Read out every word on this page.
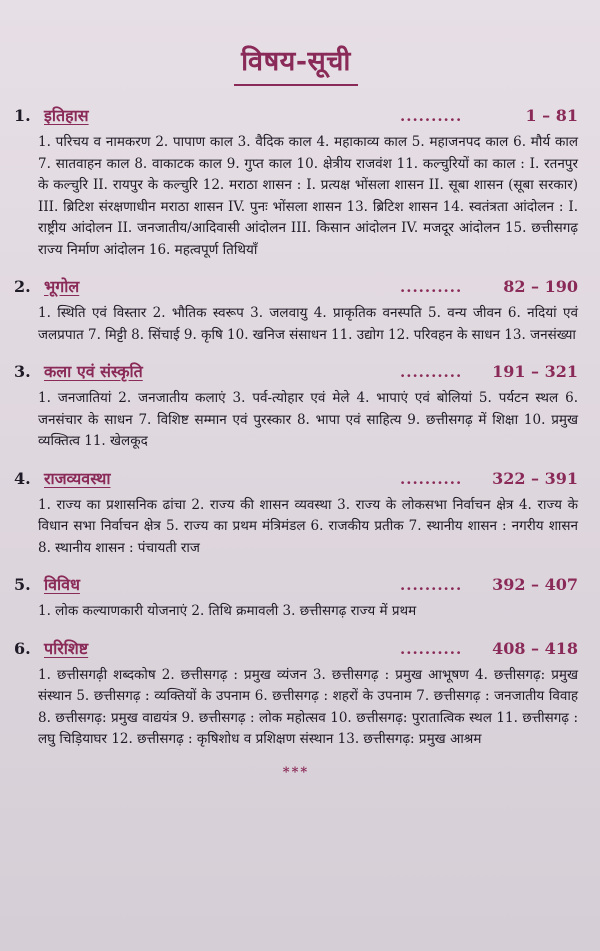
विषय-सूची
1. इतिहास	..........	1 – 81
1. परिचय व नामकरण 2. पापाण काल 3. वैदिक काल 4. महाकाव्य काल 5. महाजनपद काल 6. मौर्य काल 7. सातवाहन काल 8. वाकाटक काल 9. गुप्त काल 10. क्षेत्रीय राजवंश 11. कल्चुरियों का काल : I. रतनपुर के कल्चुरि II. रायपुर के कल्चुरि 12. मराठा शासन : I. प्रत्यक्ष भोंसला शासन II. सूबा शासन (सूबा सरकार) III. ब्रिटिश संरक्षणाधीन मराठा शासन IV. पुनः भोंसला शासन 13. ब्रिटिश शासन 14. स्वतंत्रता आंदोलन : I. राष्ट्रीय आंदोलन II. जनजातीय/आदिवासी आंदोलन III. किसान आंदोलन IV. मजदूर आंदोलन 15. छत्तीसगढ़ राज्य निर्माण आंदोलन 16. महत्वपूर्ण तिथियाँ
2. भूगोल	..........	82 – 190
1. स्थिति एवं विस्तार 2. भौतिक स्वरूप 3. जलवायु 4. प्राकृतिक वनस्पति 5. वन्य जीवन 6. नदियां एवं जलप्रपात 7. मिट्टी 8. सिंचाई 9. कृषि 10. खनिज संसाधन 11. उद्योग 12. परिवहन के साधन 13. जनसंख्या
3. कला एवं संस्कृति	..........	191 – 321
1. जनजातियां 2. जनजातीय कलाएं 3. पर्व-त्योहार एवं मेले 4. भापाएं एवं बोलियां 5. पर्यटन स्थल 6. जनसंचार के साधन 7. विशिष्ट सम्मान एवं पुरस्कार 8. भापा एवं साहित्य 9. छत्तीसगढ़ में शिक्षा 10. प्रमुख व्यक्तित्व 11. खेलकूद
4. राजव्यवस्था	..........	322 – 391
1. राज्य का प्रशासनिक ढांचा 2. राज्य की शासन व्यवस्था 3. राज्य के लोकसभा निर्वाचन क्षेत्र 4. राज्य के विधान सभा निर्वाचन क्षेत्र 5. राज्य का प्रथम मंत्रिमंडल 6. राजकीय प्रतीक 7. स्थानीय शासन : नगरीय शासन 8. स्थानीय शासन : पंचायती राज
5. विविध	..........	392 – 407
1. लोक कल्याणकारी योजनाएं 2. तिथि क्रमावली 3. छत्तीसगढ़ राज्य में प्रथम
6. परिशिष्ट	..........	408 – 418
1. छत्तीसगढ़ी शब्दकोष 2. छत्तीसगढ़ : प्रमुख व्यंजन 3. छत्तीसगढ़ : प्रमुख आभूषण 4. छत्तीसगढ़: प्रमुख संस्थान 5. छत्तीसगढ़ : व्यक्तियों के उपनाम 6. छत्तीसगढ़ : शहरों के उपनाम 7. छत्तीसगढ़ : जनजातीय विवाह 8. छत्तीसगढ़: प्रमुख वाद्ययंत्र 9. छत्तीसगढ़ : लोक महोत्सव 10. छत्तीसगढ़: पुरातात्विक स्थल 11. छत्तीसगढ़ : लघु चिड़ियाघर 12. छत्तीसगढ़ : कृषिशोध व प्रशिक्षण संस्थान 13. छत्तीसगढ़: प्रमुख आश्रम
***
